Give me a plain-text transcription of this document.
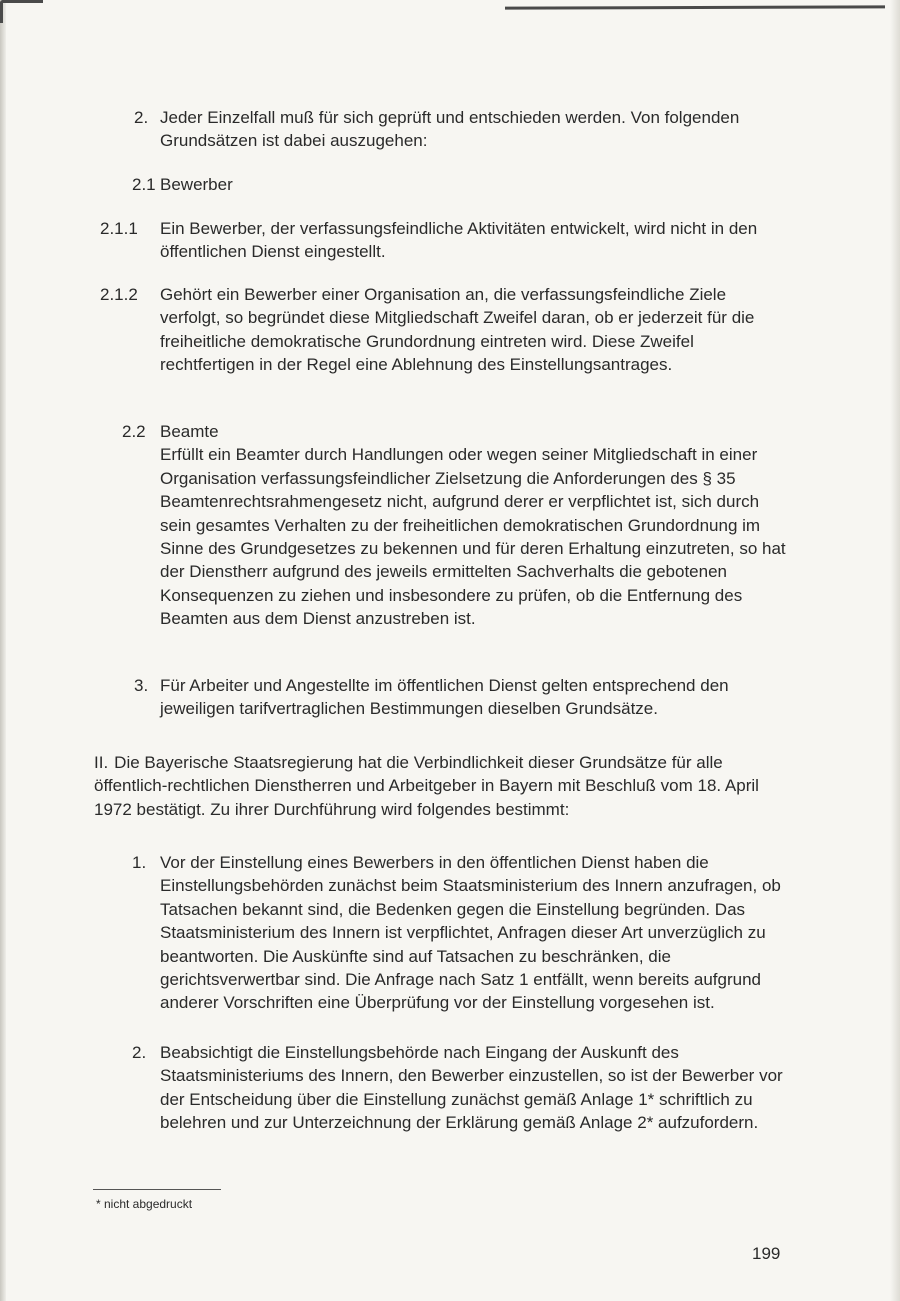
2. Jeder Einzelfall muß für sich geprüft und entschieden werden. Von folgenden Grundsätzen ist dabei auszugehen:

2.1 Bewerber

2.1.1 Ein Bewerber, der verfassungsfeindliche Aktivitäten entwickelt, wird nicht in den öffentlichen Dienst eingestellt.

2.1.2 Gehört ein Bewerber einer Organisation an, die verfassungsfeindliche Ziele verfolgt, so begründet diese Mitgliedschaft Zweifel daran, ob er jederzeit für die freiheitliche demokratische Grundordnung eintreten wird. Diese Zweifel rechtfertigen in der Regel eine Ablehnung des Einstellungsantrages.

2.2 Beamte

Erfüllt ein Beamter durch Handlungen oder wegen seiner Mitgliedschaft in einer Organisation verfassungsfeindlicher Zielsetzung die Anforderungen des § 35 Beamtenrechtsrahmengesetz nicht, aufgrund derer er verpflichtet ist, sich durch sein gesamtes Verhalten zu der freiheitlichen demokratischen Grundordnung im Sinne des Grundgesetzes zu bekennen und für deren Erhaltung einzutreten, so hat der Dienstherr aufgrund des jeweils ermittelten Sachverhalts die gebotenen Konsequenzen zu ziehen und insbesondere zu prüfen, ob die Entfernung des Beamten aus dem Dienst anzustreben ist.

3. Für Arbeiter und Angestellte im öffentlichen Dienst gelten entsprechend den jeweiligen tarifvertraglichen Bestimmungen dieselben Grundsätze.

II. Die Bayerische Staatsregierung hat die Verbindlichkeit dieser Grundsätze für alle öffentlich-rechtlichen Dienstherren und Arbeitgeber in Bayern mit Beschluß vom 18. April 1972 bestätigt. Zu ihrer Durchführung wird folgendes bestimmt:

1. Vor der Einstellung eines Bewerbers in den öffentlichen Dienst haben die Einstellungsbehörden zunächst beim Staatsministerium des Innern anzufragen, ob Tatsachen bekannt sind, die Bedenken gegen die Einstellung begründen. Das Staatsministerium des Innern ist verpflichtet, Anfragen dieser Art unverzüglich zu beantworten. Die Auskünfte sind auf Tatsachen zu beschränken, die gerichtsverwertbar sind. Die Anfrage nach Satz 1 entfällt, wenn bereits aufgrund anderer Vorschriften eine Überprüfung vor der Einstellung vorgesehen ist.

2. Beabsichtigt die Einstellungsbehörde nach Eingang der Auskunft des Staatsministeriums des Innern, den Bewerber einzustellen, so ist der Bewerber vor der Entscheidung über die Einstellung zunächst gemäß Anlage 1* schriftlich zu belehren und zur Unterzeichnung der Erklärung gemäß Anlage 2* aufzufordern.

* nicht abgedruckt
199
